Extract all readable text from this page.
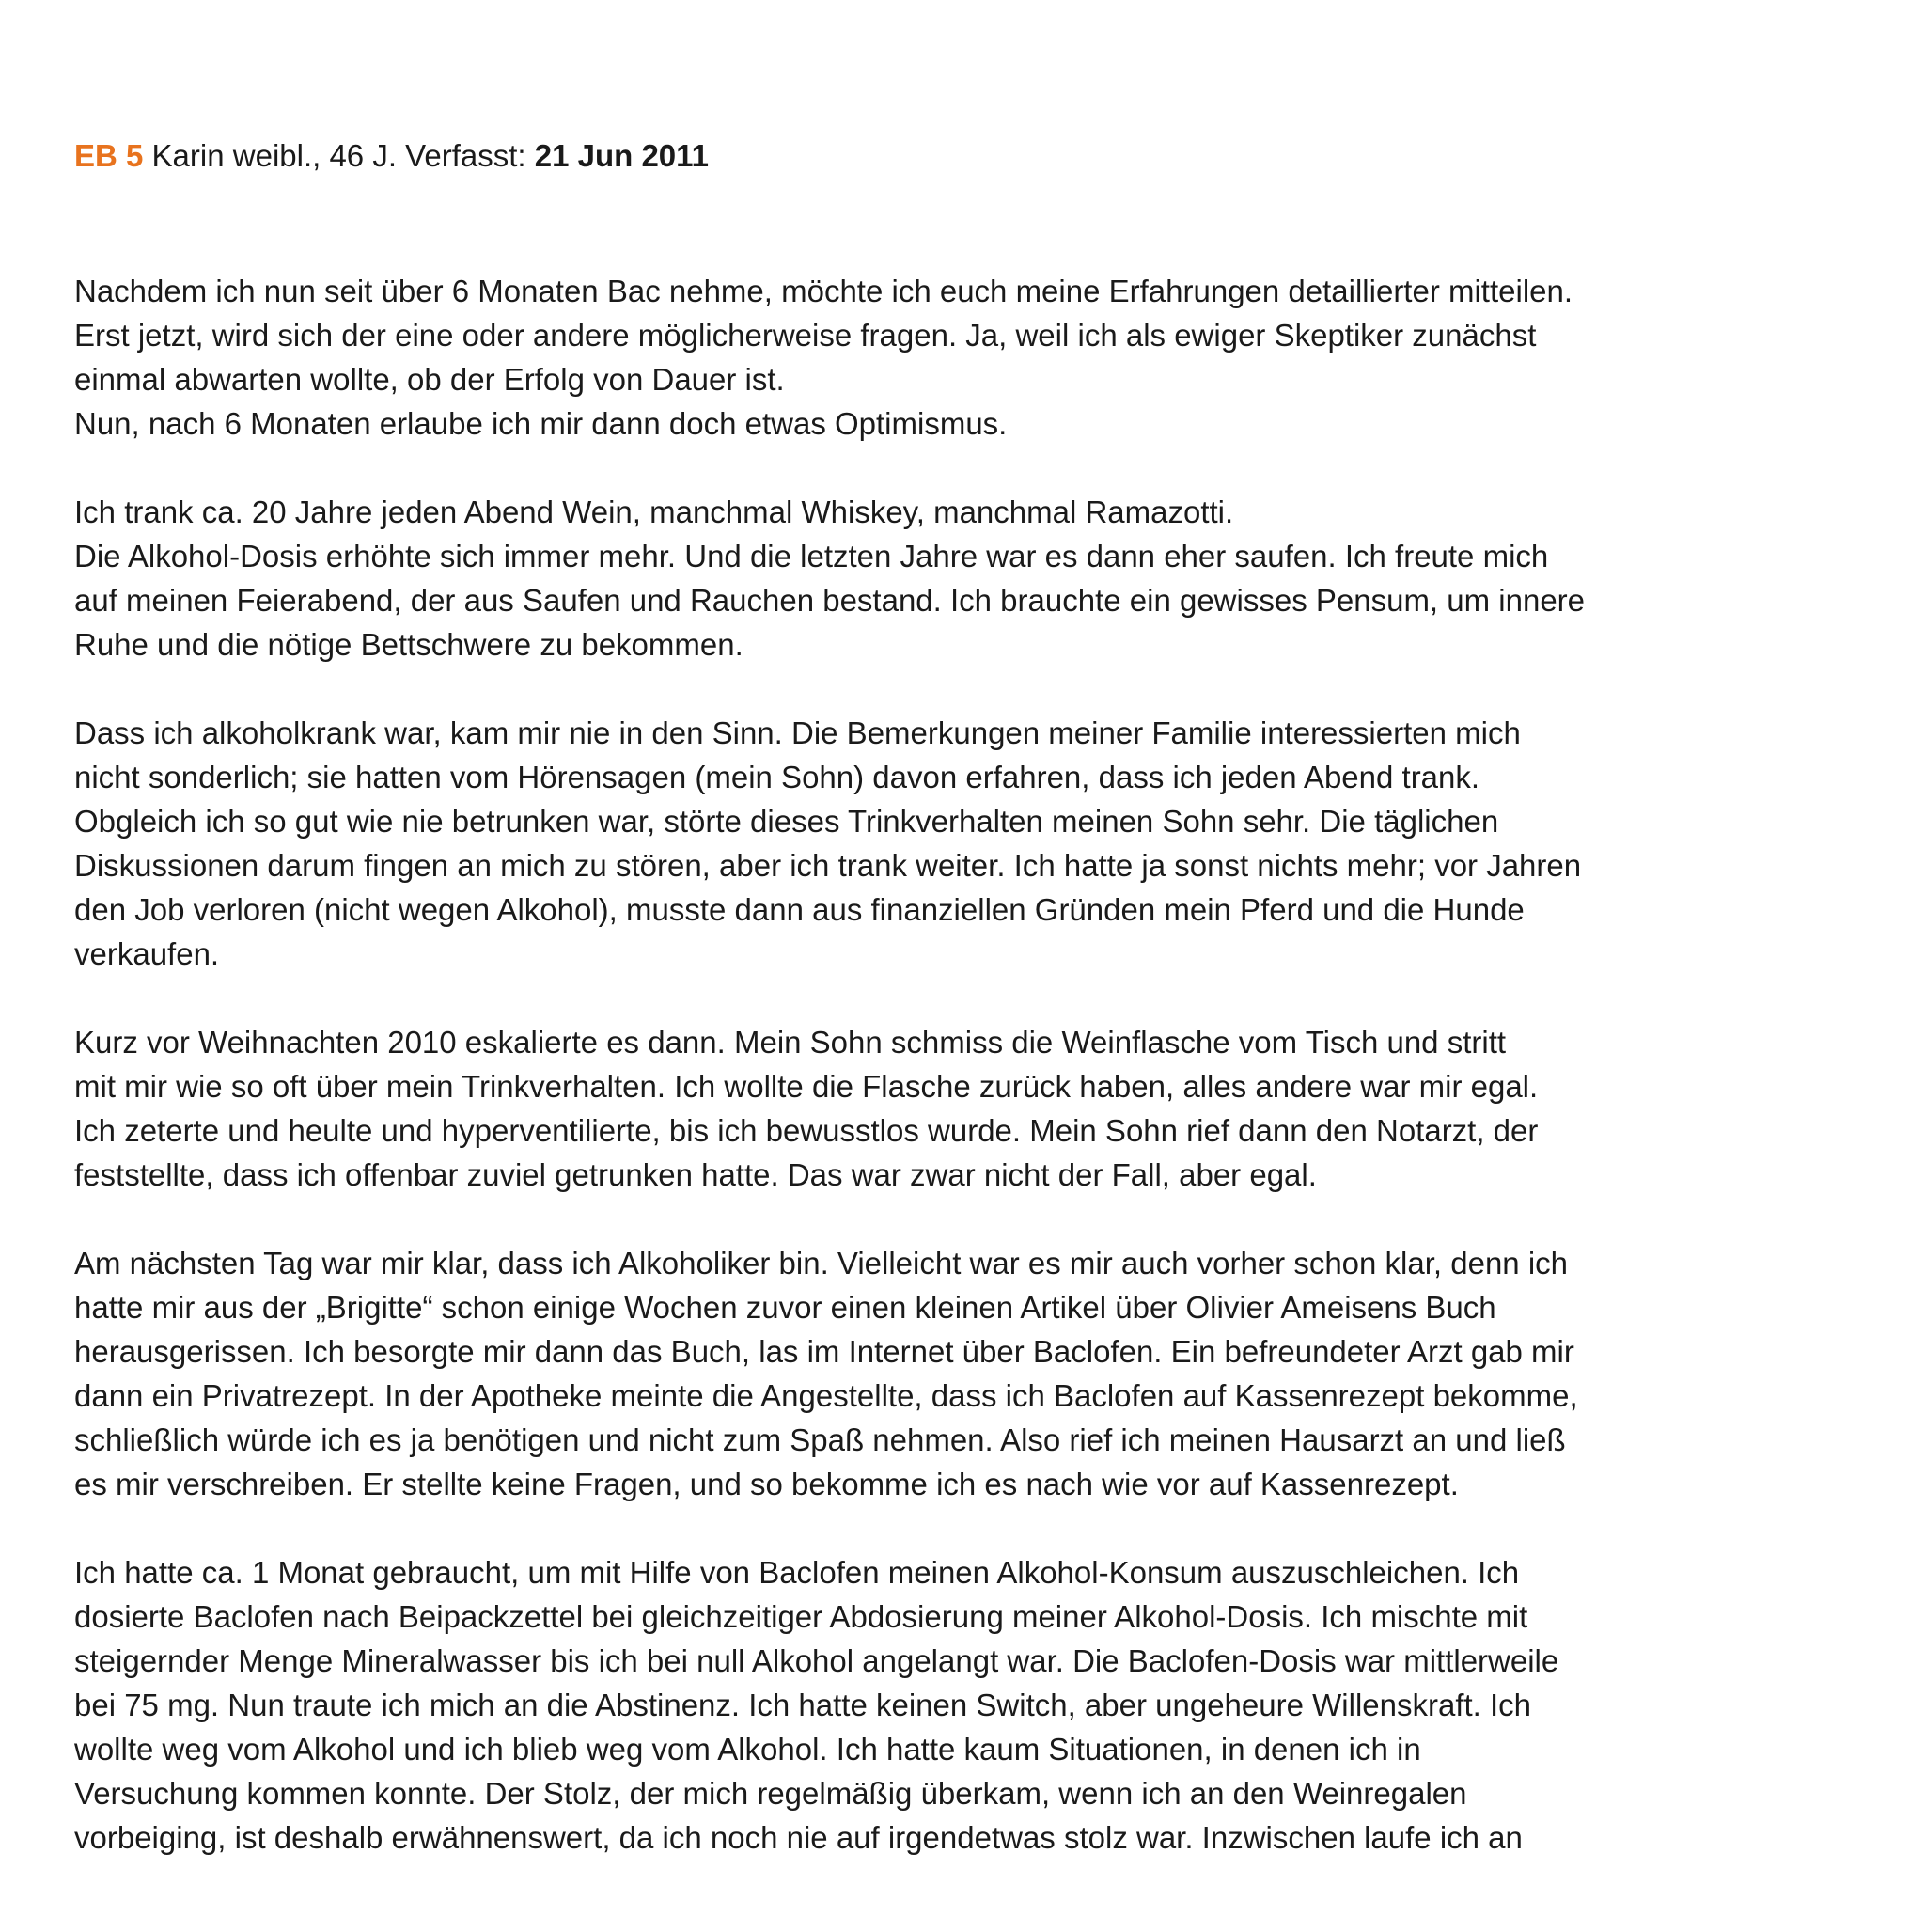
EB 5 Karin weibl., 46 J. Verfasst: 21 Jun 2011

Nachdem ich nun seit über 6 Monaten Bac nehme, möchte ich euch meine Erfahrungen detaillierter mitteilen.
Erst jetzt, wird sich der eine oder andere möglicherweise fragen. Ja, weil ich als ewiger Skeptiker zunächst
einmal abwarten wollte, ob der Erfolg von Dauer ist.
Nun, nach 6 Monaten erlaube ich mir dann doch etwas Optimismus.

Ich trank ca. 20 Jahre jeden Abend Wein, manchmal Whiskey, manchmal Ramazotti.
Die Alkohol-Dosis erhöhte sich immer mehr. Und die letzten Jahre war es dann eher saufen. Ich freute mich
auf meinen Feierabend, der aus Saufen und Rauchen bestand. Ich brauchte ein gewisses Pensum, um innere
Ruhe und die nötige Bettschwere zu bekommen.

Dass ich alkoholkrank war, kam mir nie in den Sinn. Die Bemerkungen meiner Familie interessierten mich
nicht sonderlich; sie hatten vom Hörensagen (mein Sohn) davon erfahren, dass ich jeden Abend trank.
Obgleich ich so gut wie nie betrunken war, störte dieses Trinkverhalten meinen Sohn sehr. Die täglichen
Diskussionen darum fingen an mich zu stören, aber ich trank weiter. Ich hatte ja sonst nichts mehr; vor Jahren
den Job verloren (nicht wegen Alkohol), musste dann aus finanziellen Gründen mein Pferd und die Hunde
verkaufen.

Kurz vor Weihnachten 2010 eskalierte es dann. Mein Sohn schmiss die Weinflasche vom Tisch und stritt
mit mir wie so oft über mein Trinkverhalten. Ich wollte die Flasche zurück haben, alles andere war mir egal.
Ich zeterte und heulte und hyperventilierte, bis ich bewusstlos wurde. Mein Sohn rief dann den Notarzt, der
feststellte, dass ich offenbar zuviel getrunken hatte. Das war zwar nicht der Fall, aber egal.

Am nächsten Tag war mir klar, dass ich Alkoholiker bin. Vielleicht war es mir auch vorher schon klar, denn ich
hatte mir aus der „Brigitte“ schon einige Wochen zuvor einen kleinen Artikel über Olivier Ameisens Buch
herausgerissen. Ich besorgte mir dann das Buch, las im Internet über Baclofen. Ein befreundeter Arzt gab mir
dann ein Privatrezept. In der Apotheke meinte die Angestellte, dass ich Baclofen auf Kassenrezept bekomme,
schließlich würde ich es ja benötigen und nicht zum Spaß nehmen. Also rief ich meinen Hausarzt an und ließ
es mir verschreiben. Er stellte keine Fragen, und so bekomme ich es nach wie vor auf Kassenrezept.

Ich hatte ca. 1 Monat gebraucht, um mit Hilfe von Baclofen meinen Alkohol-Konsum auszuschleichen. Ich
dosierte Baclofen nach Beipackzettel bei gleichzeitiger Abdosierung meiner Alkohol-Dosis. Ich mischte mit
steigernder Menge Mineralwasser bis ich bei null Alkohol angelangt war. Die Baclofen-Dosis war mittlerweile
bei 75 mg. Nun traute ich mich an die Abstinenz. Ich hatte keinen Switch, aber ungeheure Willenskraft. Ich
wollte weg vom Alkohol und ich blieb weg vom Alkohol. Ich hatte kaum Situationen, in denen ich in
Versuchung kommen konnte. Der Stolz, der mich regelmäßig überkam, wenn ich an den Weinregalen
vorbeiging, ist deshalb erwähnenswert, da ich noch nie auf irgendetwas stolz war. Inzwischen laufe ich an
